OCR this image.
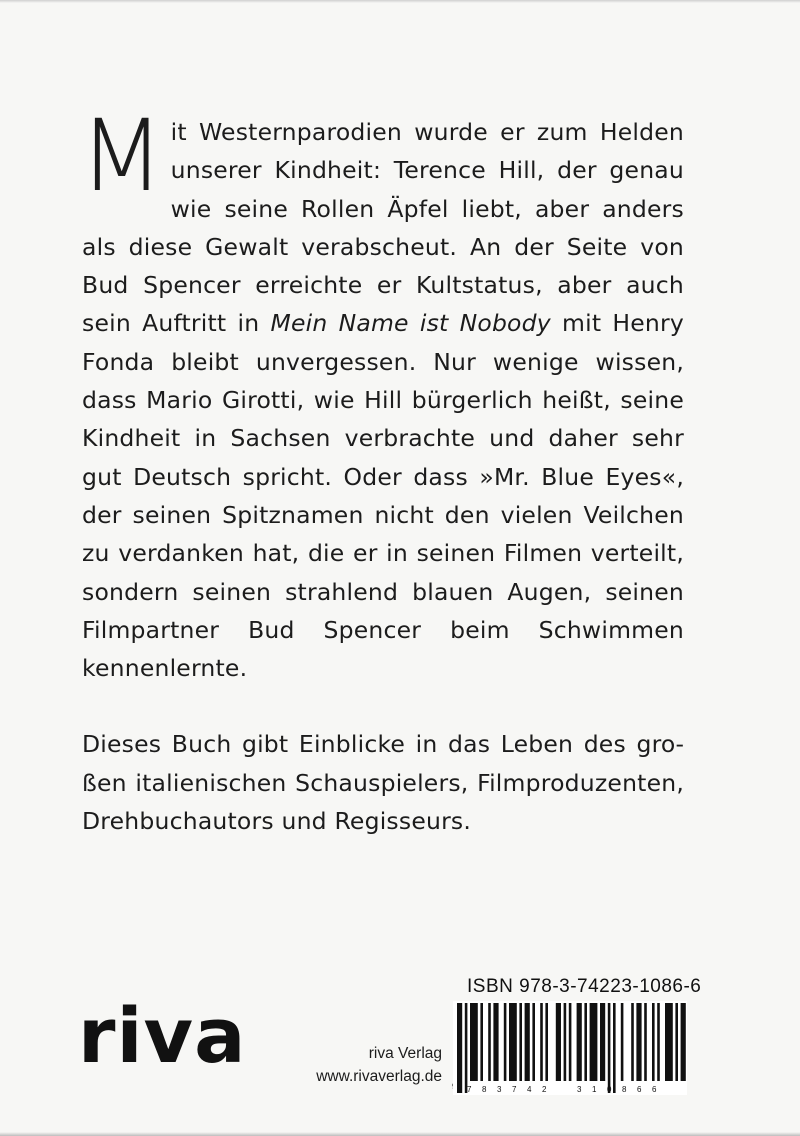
Mit Westernparodien wurde er zum Helden unserer Kindheit: Terence Hill, der genau wie seine Rollen Äpfel liebt, aber anders als diese Gewalt verabscheut. An der Seite von Bud Spencer erreichte er Kultstatus, aber auch sein Auftritt in Mein Name ist Nobody mit Henry Fonda bleibt unvergessen. Nur wenige wissen, dass Mario Girotti, wie Hill bürgerlich heißt, seine Kindheit in Sachsen verbrachte und daher sehr gut Deutsch spricht. Oder dass »Mr. Blue Eyes«, der seinen Spitznamen nicht den vielen Veilchen zu verdanken hat, die er in seinen Filmen verteilt, sondern seinen strahlend blauen Augen, seinen Filmpartner Bud Spencer beim Schwimmen kennenlernte.

Dieses Buch gibt Einblicke in das Leben des großen italienischen Schauspielers, Filmproduzenten, Drehbuchautors und Regisseurs.

riva	riva Verlag
www.rivaverlag.de
ISBN 978-3-74223-1086-6
7 8 3 7 4 2	3 1 0 8 6 6
